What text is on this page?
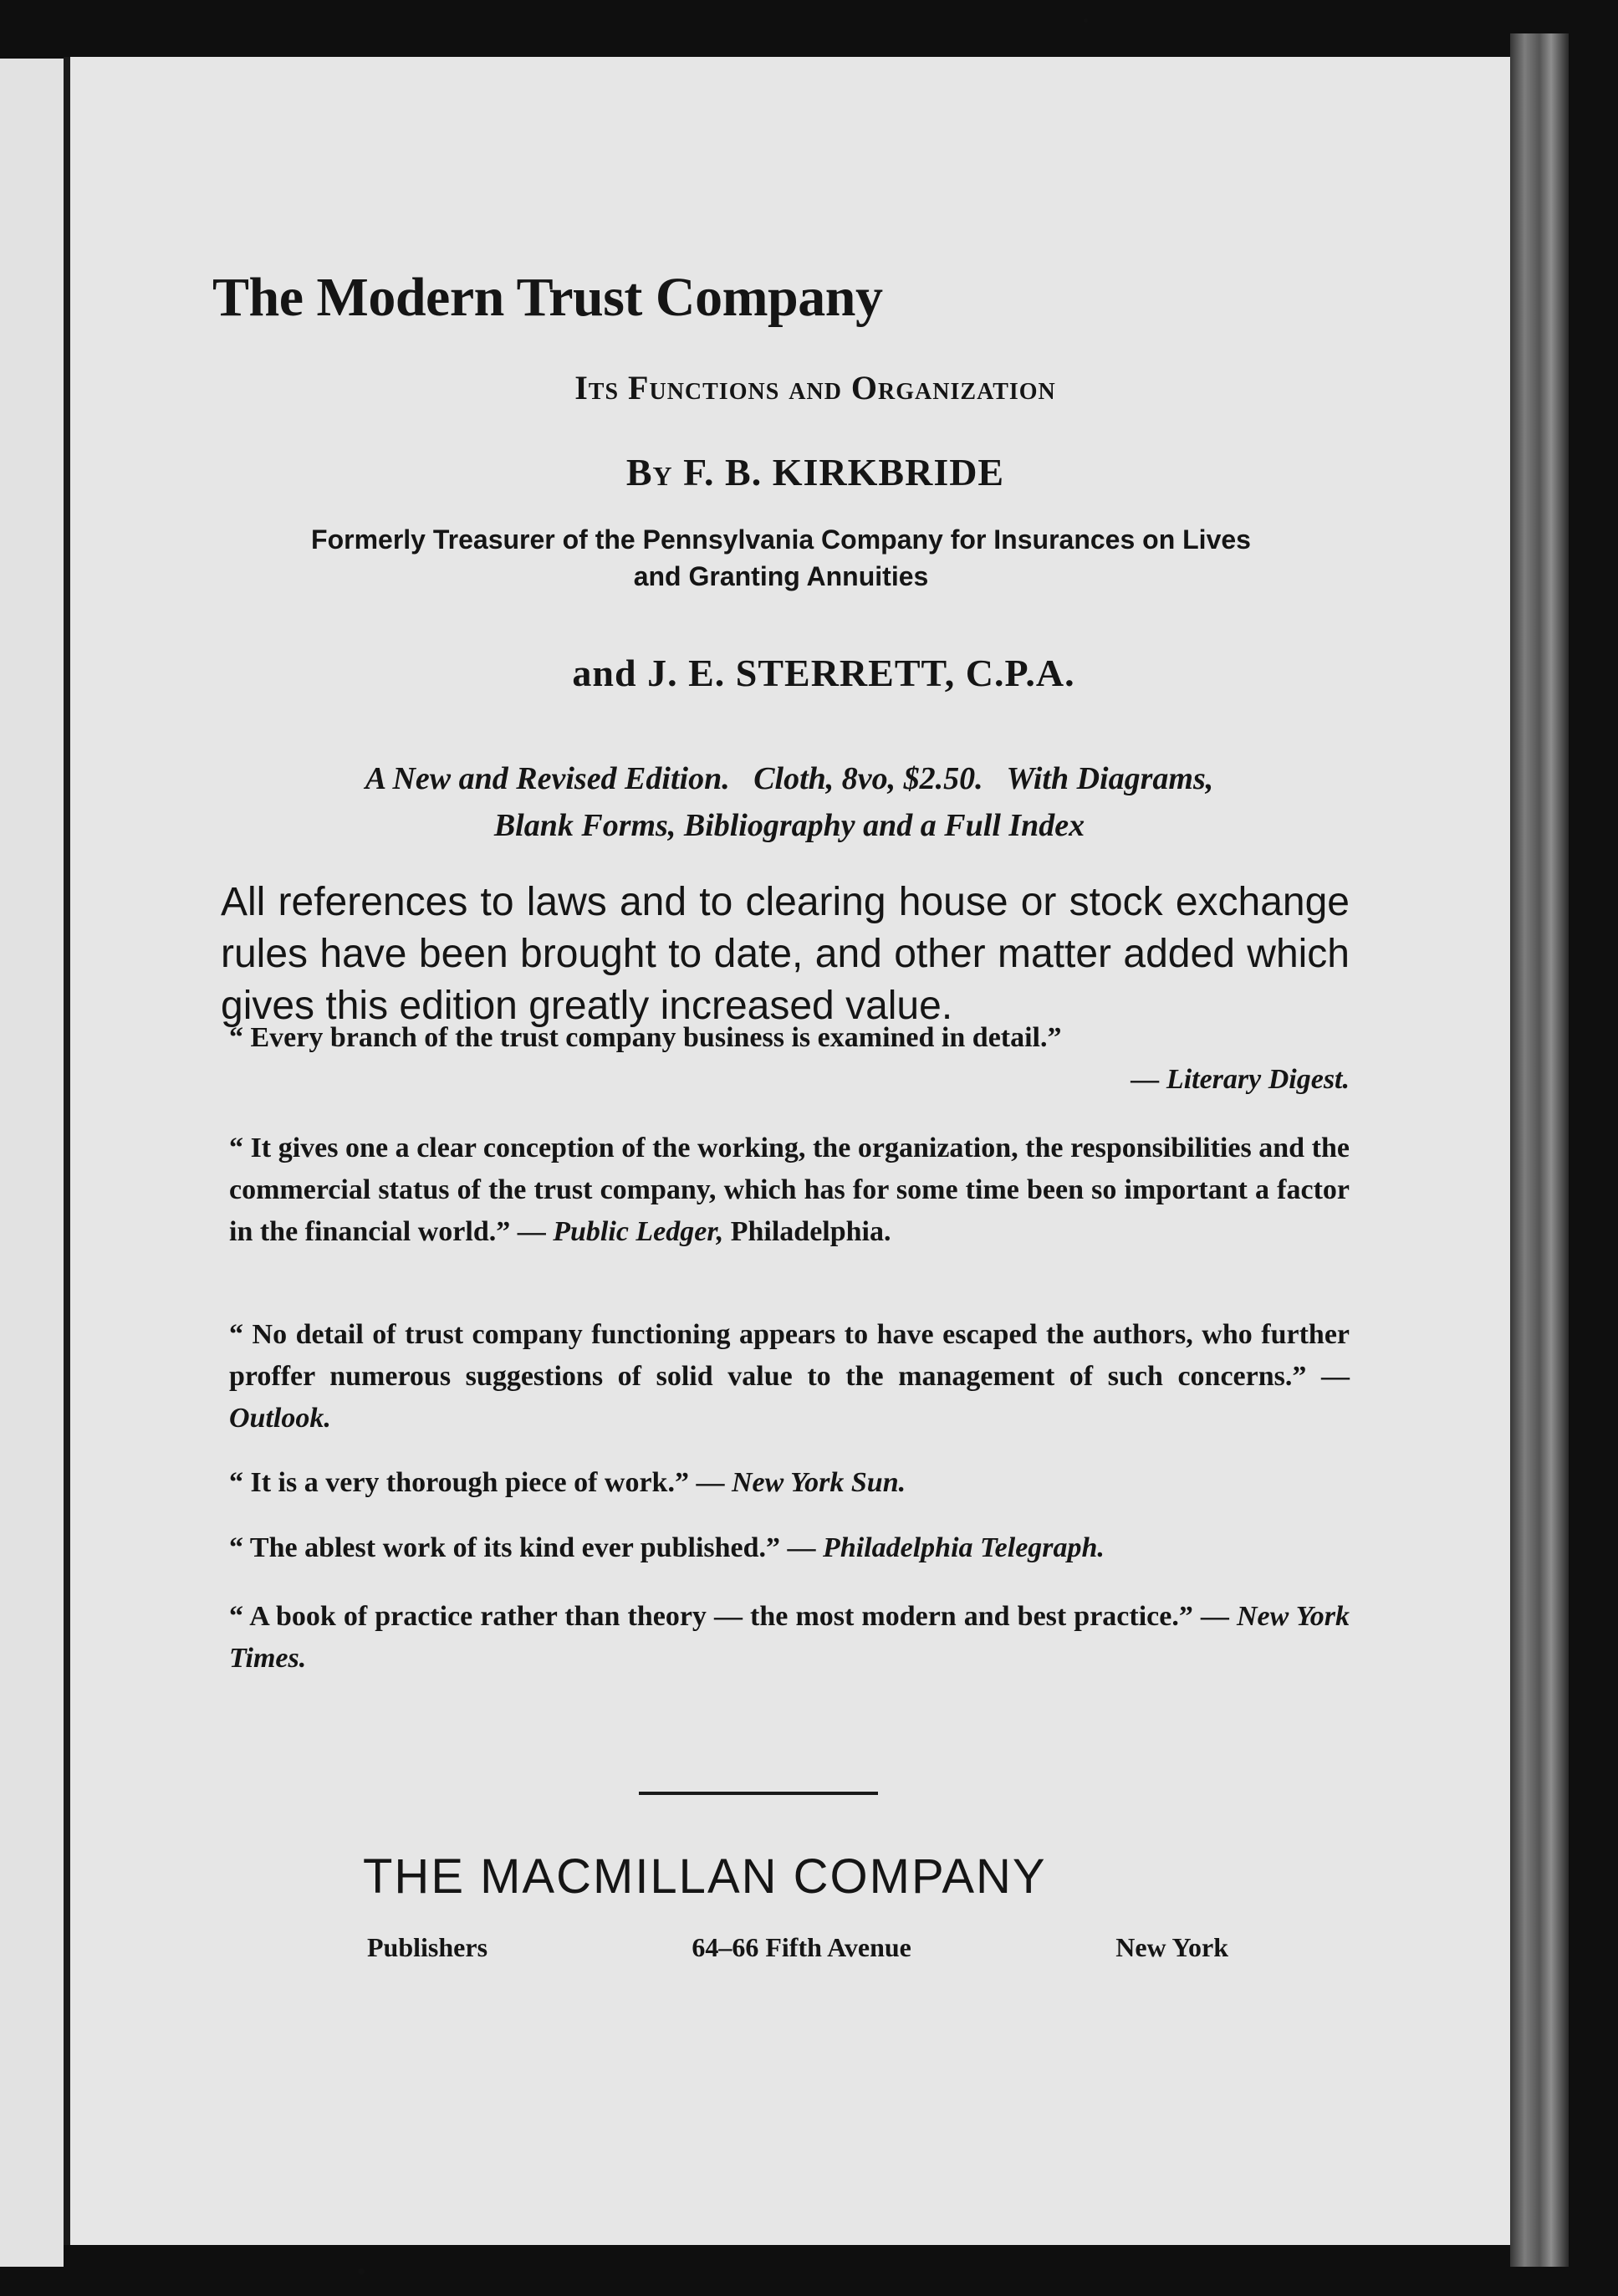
The Modern Trust Company
Its Functions and Organization
By F. B. KIRKBRIDE
Formerly Treasurer of the Pennsylvania Company for Insurances on Lives
and Granting Annuities
and J. E. STERRETT, C.P.A.
A New and Revised Edition.   Cloth, 8vo, $2.50.   With Diagrams,
Blank Forms, Bibliography and a Full Index
All references to laws and to clearing house or stock exchange rules have been brought to date, and other matter added which gives this edition greatly increased value.
“ Every branch of the trust company business is examined in detail.”
— Literary Digest.
“ It gives one a clear conception of the working, the organization, the responsibilities and the commercial status of the trust company, which has for some time been so important a factor in the financial world.” — Public Ledger, Philadelphia.
“ No detail of trust company functioning appears to have escaped the authors, who further proffer numerous suggestions of solid value to the management of such concerns.” — Outlook.
“ It is a very thorough piece of work.” — New York Sun.
“ The ablest work of its kind ever published.” — Philadelphia Telegraph.
“ A book of practice rather than theory — the most modern and best practice.” — New York Times.
THE MACMILLAN COMPANY
Publishers	64–66 Fifth Avenue	New York
